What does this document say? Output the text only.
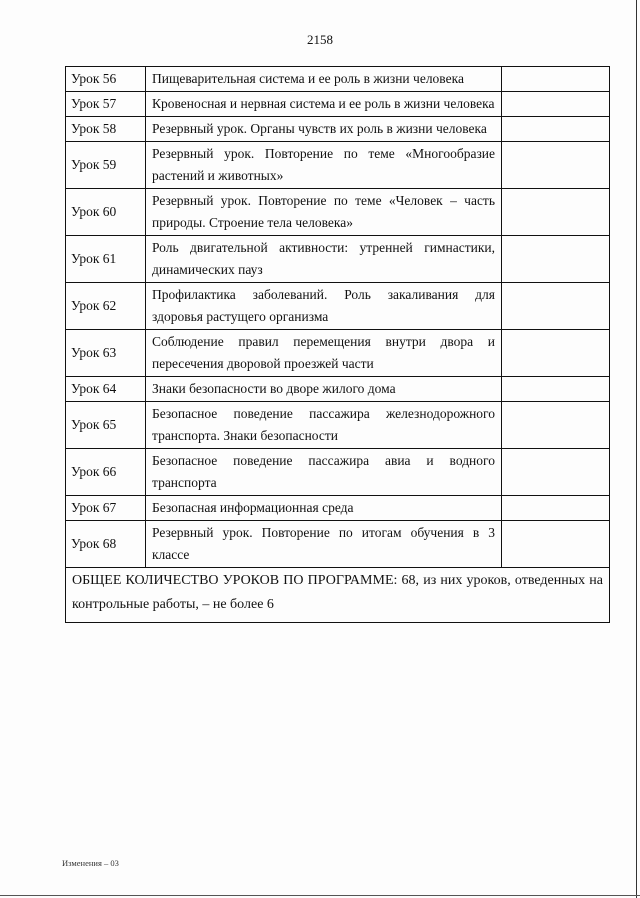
2158
Урок 56	Пищеварительная система и ее роль в жизни человека	
Урок 57	Кровеносная и нервная система и ее роль в жизни человека	
Урок 58	Резервный урок. Органы чувств их роль в жизни человека	
Урок 59	Резервный урок. Повторение по теме «Многообразие растений и животных»	
Урок 60	Резервный урок. Повторение по теме «Человек – часть природы. Строение тела человека»	
Урок 61	Роль двигательной активности: утренней гимнастики, динамических пауз	
Урок 62	Профилактика заболеваний. Роль закаливания для здоровья растущего организма	
Урок 63	Соблюдение правил перемещения внутри двора и пересечения дворовой проезжей части	
Урок 64	Знаки безопасности во дворе жилого дома	
Урок 65	Безопасное поведение пассажира железнодорожного транспорта. Знаки безопасности	
Урок 66	Безопасное поведение пассажира авиа и водного транспорта	
Урок 67	Безопасная информационная среда	
Урок 68	Резервный урок. Повторение по итогам обучения в 3 классе	
ОБЩЕЕ КОЛИЧЕСТВО УРОКОВ ПО ПРОГРАММЕ: 68, из них уроков, отведенных на контрольные работы, – не более 6		
Изменения – 03
